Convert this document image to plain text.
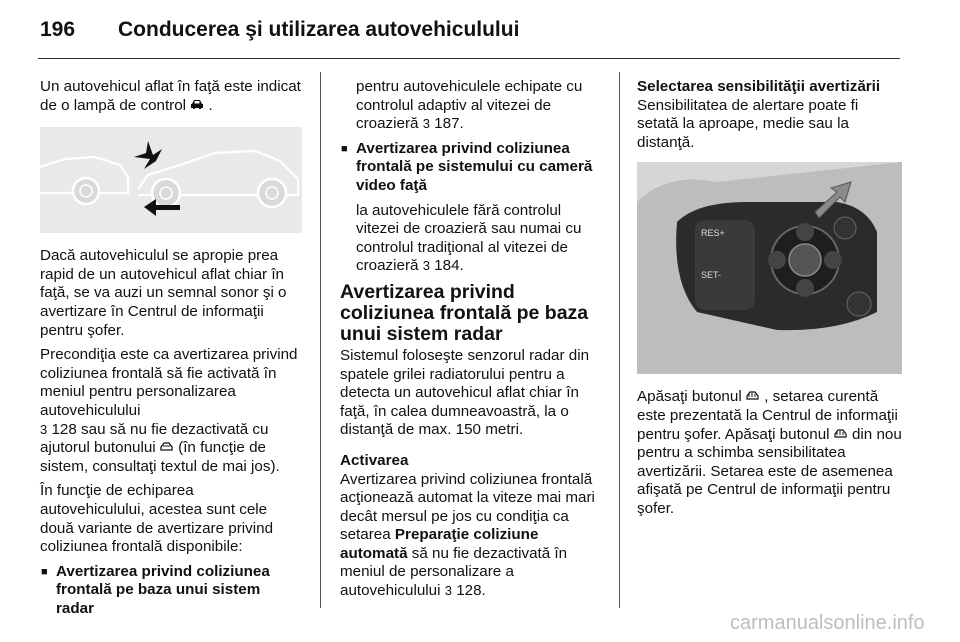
196 Conducerea şi utilizarea autovehiculului

Un autovehicul aflat în faţă este indicat de o lampă de control .

Dacă autovehiculul se apropie prea rapid de un autovehicul aflat chiar în faţă, se va auzi un semnal sonor şi o avertizare în Centrul de informaţii pentru şofer.

Precondiţia este ca avertizarea privind coliziunea frontală să fie activată în meniul pentru personalizarea autovehiculului
3 128 sau să nu fie dezactivată cu ajutorul butonului (în funcţie de sistem, consultaţi textul de mai jos).

În funcţie de echiparea autovehiculului, acestea sunt cele două variante de avertizare privind coliziunea frontală disponibile:

■ Avertizarea privind coliziunea frontală pe baza unui sistem radar

pentru autovehiculele echipate cu controlul adaptiv al vitezei de croazieră 3 187.

■ Avertizarea privind coliziunea frontală pe sistemului cu cameră video faţă

la autovehiculele fără controlul vitezei de croazieră sau numai cu controlul tradiţional al vitezei de croazieră 3 184.

Avertizarea privind coliziunea frontală pe baza unui sistem radar

Sistemul foloseşte senzorul radar din spatele grilei radiatorului pentru a detecta un autovehicul aflat chiar în faţă, în calea dumneavoastră, la o distanţă de max. 150 metri.

Activarea

Avertizarea privind coliziunea frontală acţionează automat la viteze mai mari decât mersul pe jos cu condiţia ca setarea Preparaţie coliziune automată să nu fie dezactivată în meniul de personalizare a autovehiculului 3 128.

Selectarea sensibilităţii avertizării

Sensibilitatea de alertare poate fi setată la aproape, medie sau la distanţă.

RES+
SET-

Apăsaţi butonul , setarea curentă este prezentată la Centrul de informaţii pentru şofer. Apăsaţi butonul din nou pentru a schimba sensibilitatea avertizării. Setarea este de asemenea afişată pe Centrul de informaţii pentru şofer.

carmanualsonline.info
